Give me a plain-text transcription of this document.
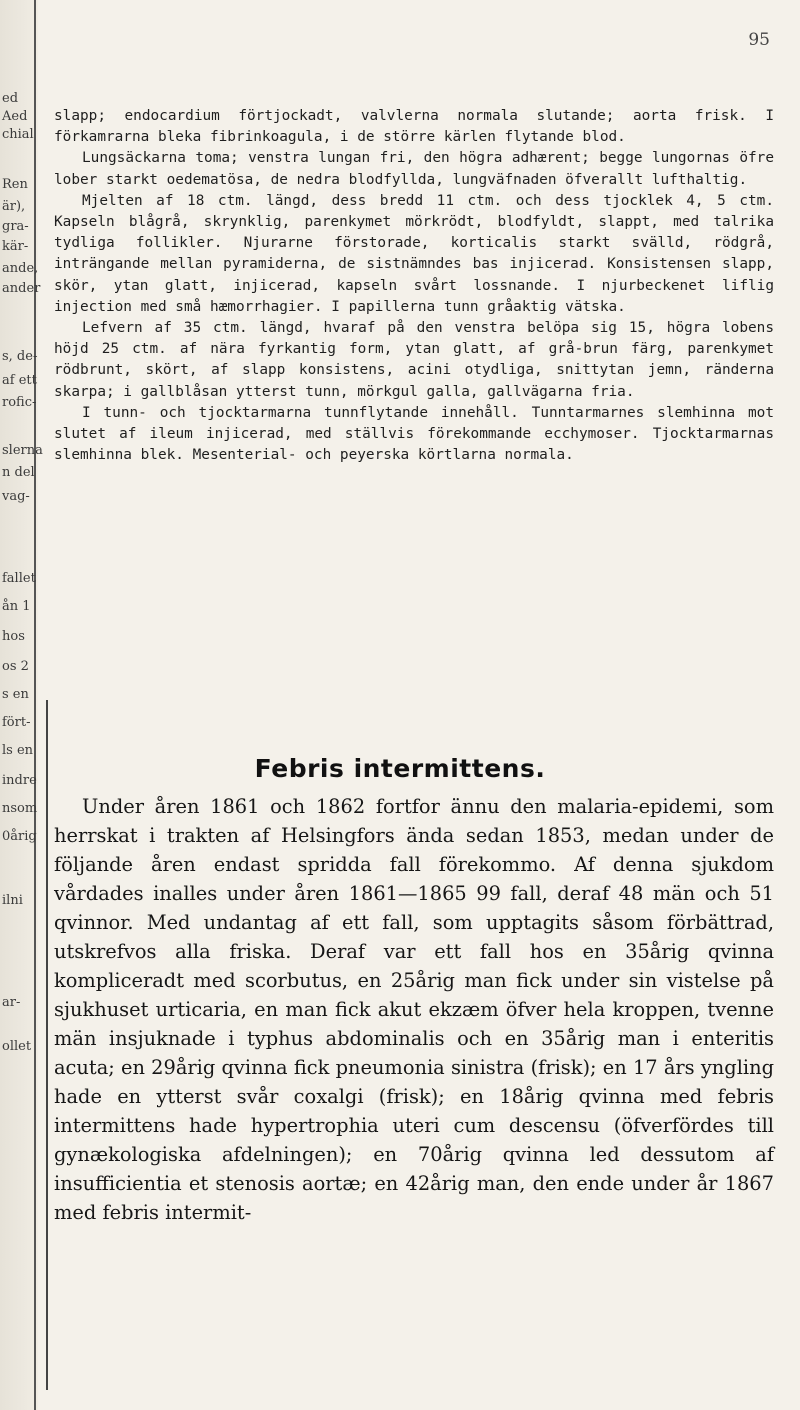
ed
Aed
chial
Ren
är),
gra-
kär-
ande,
ander
s, de-
af ett
rofic-
slerna
n del
vag-
fallet
ån 1
hos
os 2
s en
fört-
ls en
indre
nsom
0årig
ilni
ar-
ollet

95

slapp; endocardium förtjockadt, valvlerna normala slutande; aorta frisk. I förkamrarna bleka fibrinkoagula, i de större kärlen flytande blod.

Lungsäckarna toma; venstra lungan fri, den högra adhærent; begge lungornas öfre lober starkt oedematösa, de nedra blodfyllda, lungväfnaden öfverallt lufthaltig.

Mjelten af 18 ctm. längd, dess bredd 11 ctm. och dess tjocklek 4, 5 ctm. Kapseln blågrå, skrynklig, parenkymet mörkrödt, blodfyldt, slappt, med talrika tydliga follikler. Njurarne förstorade, korticalis starkt svälld, rödgrå, inträngande mellan pyramiderna, de sistnämndes bas injicerad. Konsistensen slapp, skör, ytan glatt, injicerad, kapseln svårt lossnande. I njurbeckenet liflig injection med små hæmorrhagier. I papillerna tunn gråaktig vätska.

Lefvern af 35 ctm. längd, hvaraf på den venstra belöpa sig 15, högra lobens höjd 25 ctm. af nära fyrkantig form, ytan glatt, af grå-brun färg, parenkymet rödbrunt, skört, af slapp konsistens, acini otydliga, snittytan jemn, ränderna skarpa; i gallblåsan ytterst tunn, mörkgul galla, gallvägarna fria.

I tunn- och tjocktarmarna tunnflytande innehåll. Tunntarmarnes slemhinna mot slutet af ileum injicerad, med ställvis förekommande ecchymoser. Tjocktarmarnas slemhinna blek. Mesenterial- och peyerska körtlarna normala.

Febris intermittens.

Under åren 1861 och 1862 fortfor ännu den malaria-epidemi, som herrskat i trakten af Helsingfors ända sedan 1853, medan under de följande åren endast spridda fall förekommo. Af denna sjukdom vårdades inalles under åren 1861—1865 99 fall, deraf 48 män och 51 qvinnor. Med undantag af ett fall, som upptagits såsom förbättrad, utskrefvos alla friska. Deraf var ett fall hos en 35årig qvinna kompliceradt med scorbutus, en 25årig man fick under sin vistelse på sjukhuset urticaria, en man fick akut ekzæm öfver hela kroppen, tvenne män insjuknade i typhus abdominalis och en 35årig man i enteritis acuta; en 29årig qvinna fick pneumonia sinistra (frisk); en 17 års yngling hade en ytterst svår coxalgi (frisk); en 18årig qvinna med febris intermittens hade hypertrophia uteri cum descensu (öfverfördes till gynækologiska afdelningen); en 70årig qvinna led dessutom af insufficientia et stenosis aortæ; en 42årig man, den ende under år 1867 med febris intermit-
